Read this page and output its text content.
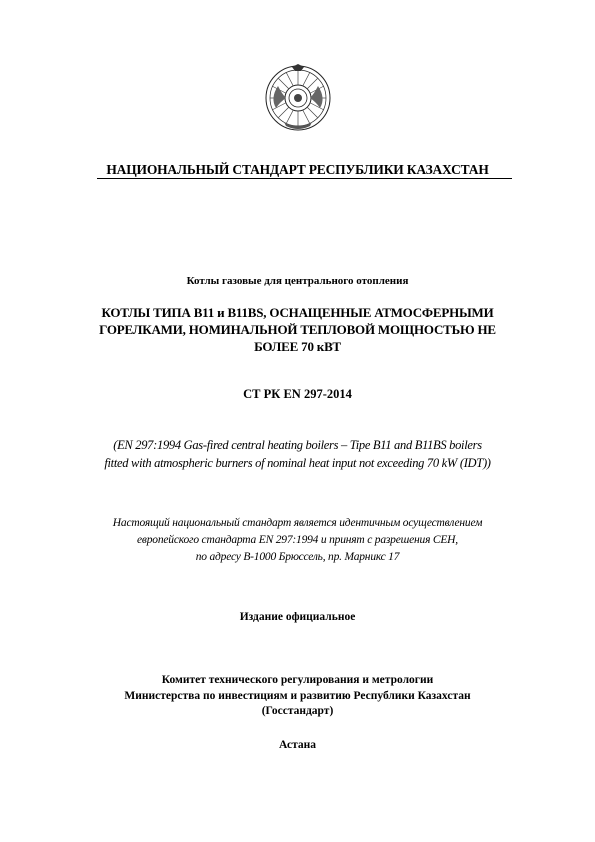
НАЦИОНАЛЬНЫЙ СТАНДАРТ РЕСПУБЛИКИ КАЗАХСТАН
Котлы газовые для центрального отопления
КОТЛЫ ТИПА B11 и B11BS, ОСНАЩЕННЫЕ АТМОСФЕРНЫМИ
ГОРЕЛКАМИ, НОМИНАЛЬНОЙ ТЕПЛОВОЙ МОЩНОСТЬЮ НЕ
БОЛЕЕ 70 кВТ
СТ РК EN 297-2014
(EN 297:1994 Gas-fired central heating boilers – Tipe B11 and B11BS boilers
fitted with atmospheric burners of nominal heat input not exceeding 70 kW (IDT))
Настоящий национальный стандарт является идентичным осуществлением
европейского стандарта EN 297:1994 и принят с разрешения CEH,
по адресу B-1000 Брюссель, пр. Марникс 17
Издание официальное
Комитет технического регулирования и метрологии
Министерства по инвестициям и развитию Республики Казахстан
(Госстандарт)
Астана
